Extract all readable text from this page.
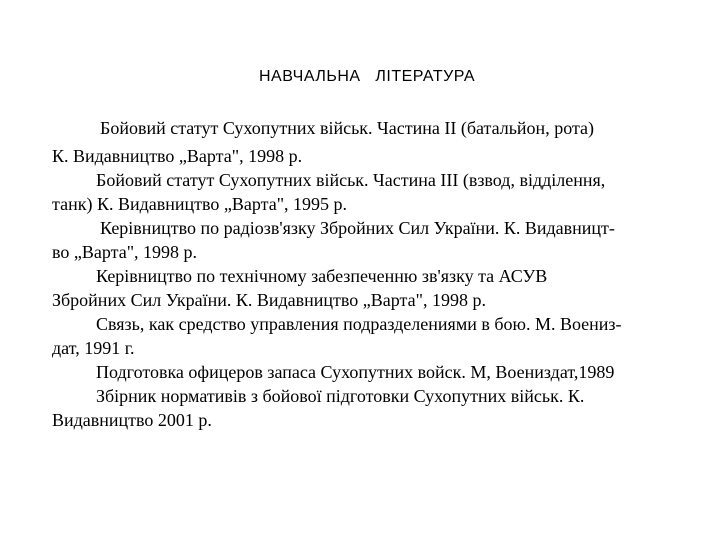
НАВЧАЛЬНА   ЛІТЕРАТУРА
Бойовий статут Сухопутних військ. Частина II (батальйон, рота)
К. Видавництво „Варта", 1998 р.
Бойовий статут Сухопутних військ. Частина III (взвод, відділення,
танк) К. Видавництво „Варта", 1995 р.
Керівництво по радіозв'язку Збройних Сил України. К. Видавницт-
во „Варта", 1998 р.
Керівництво по технічному забезпеченню зв'язку та АСУВ
Збройних Сил України. К. Видавництво „Варта", 1998 р.
Связь, как средство управления подразделениями в бою. М. Воениз-
дат, 1991 г.
Подготовка офицеров запаса Сухопутних войск. М, Воениздат,1989
Збірник нормативів з бойової підготовки Сухопутних військ. К.
Видавництво 2001 р.
